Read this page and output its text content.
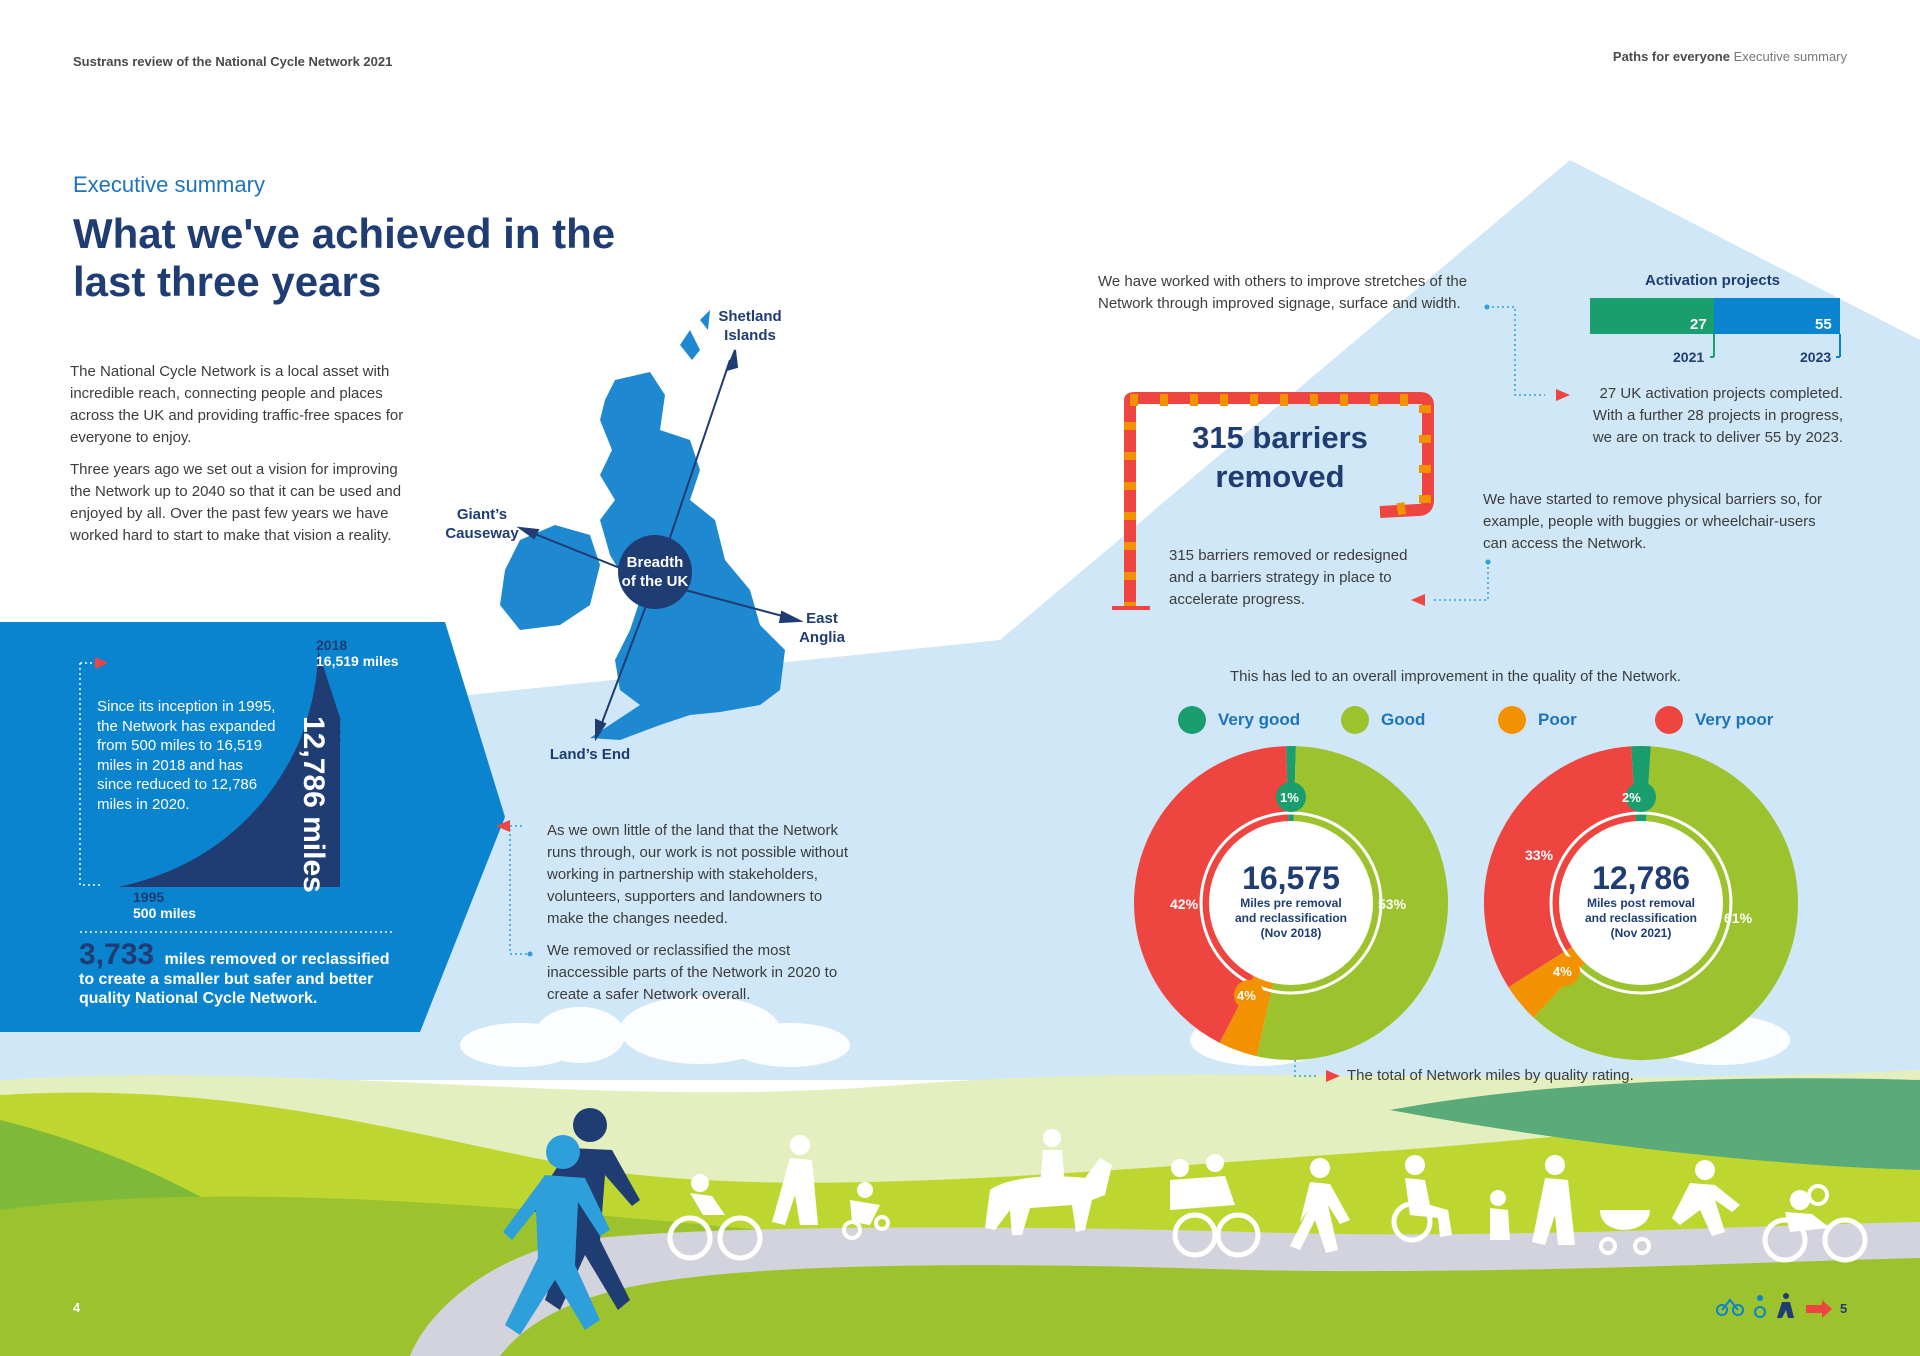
Sustrans review of the National Cycle Network 2021	Paths for everyone Executive summary
Executive summary
What we've achieved in the
last three years

The National Cycle Network is a local asset with incredible reach, connecting people and places across the UK and providing traffic-free spaces for everyone to enjoy.

Three years ago we set out a vision for improving the Network up to 2040 so that it can be used and enjoyed by all. Over the past few years we have worked hard to start to make that vision a reality.

Breadth
of the UK
Shetland
Islands
Giant’s
Causeway
East
Anglia
Land’s End
Since its inception in 1995, the Network has expanded from 500 miles to 16,519 miles in 2018 and has since reduced to 12,786 miles in 2020.
2018
16,519 miles
2020
12,786 miles
1995
500 miles
3,733 miles removed or reclassified
to create a smaller but safer and better
quality National Cycle Network.
As we own little of the land that the Network runs through, our work is not possible without working in partnership with stakeholders, volunteers, supporters and landowners to make the changes needed.
We removed or reclassified the most inaccessible parts of the Network in 2020 to create a safer Network overall.
We have worked with others to improve stretches of the Network through improved signage, surface and width.
Activation projects
27	55
2021	2023
27 UK activation projects completed. With a further 28 projects in progress, we are on track to deliver 55 by 2023.
315 barriers
removed
315 barriers removed or redesigned and a barriers strategy in place to accelerate progress.
We have started to remove physical barriers so, for example, people with buggies or wheelchair-users can access the Network.
This has led to an overall improvement in the quality of the Network.
Very good	Good	Poor	Very poor
16,575
Miles pre removal
and reclassification
(Nov 2018)
1%
53%
4%
42%
12,786
Miles post removal
and reclassification
(Nov 2021)
2%
61%
4%
33%
The total of Network miles by quality rating.
4	5
